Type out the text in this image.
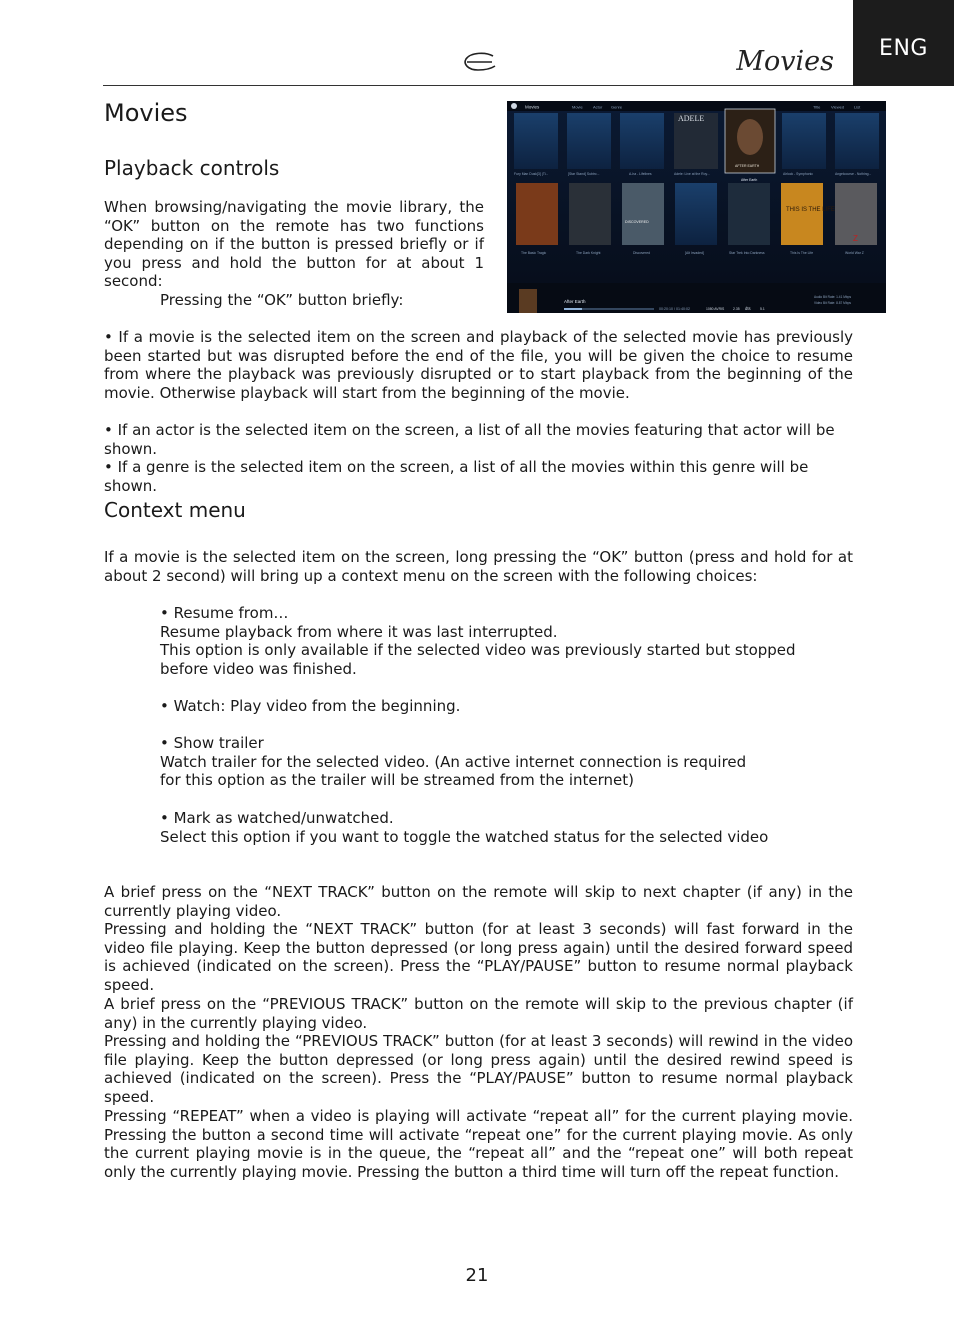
Movies	ENG
Movies
Playback controls

When browsing/navigating the movie library, the “OK” button on the remote has two functions depending on if the button is pressed briefly or if you press and hold the button for at about 1 second:

Pressing the “OK” button briefly:

Movies	Movie	Actor Genre	Title	Viewed List
ADELE
AFTER EARTH
Fury Man Dusk[3] (Ti...	[Star Stand] Subtrc...	A-ha - Lifelines	Adele: Live at the Roy...
After Earth
Airlock - Symphonic	Angelcourse - Nothing...
DISCOVERED
THIS IS THE LIFE
Z
The Basic Tragic	The Dark Knight	Discovered	[Alt Invaded]	Star Trek Into Darkness	This Is The Life	World War Z
After Earth
00:20:10 / 01:40:02	1080 AVRIS	2.35 dts	5.1
Audio Bit Rate: 1.41 Mbps
Video Bit Rate: 8.87 Mbps

• If a movie is the selected item on the screen and playback of the selected movie has previously been started but was disrupted before the end of the file, you will be given the choice to resume from where the playback was previously disrupted or to start playback from the beginning of the movie. Otherwise playback will start from the beginning of the movie.

• If an actor is the selected item on the screen, a list of all the movies featuring that actor will be shown.

• If a genre is the selected item on the screen, a list of all the movies within this genre will be shown.

Context menu

If a movie is the selected item on the screen, long pressing the “OK” button (press and hold for at about 2 second) will bring up a context menu on the screen with the following choices:

• Resume from…

Resume playback from where it was last interrupted.

This option is only available if the selected video was previously started but stopped before video was finished.

• Watch: Play video from the beginning.

• Show trailer

Watch trailer for the selected video. (An active internet connection is required for this option as the trailer will be streamed from the internet)

• Mark as watched/unwatched.

Select this option if you want to toggle the watched status for the selected video

A brief press on the “NEXT TRACK” button on the remote will skip to next chapter (if any) in the currently playing video.

Pressing and holding the “NEXT TRACK” button (for at least 3 seconds) will fast forward in the video file playing. Keep the button depressed (or long press again) until the desired forward speed is achieved (indicated on the screen). Press the “PLAY/PAUSE” button to resume normal playback speed.

A brief press on the “PREVIOUS TRACK” button on the remote will skip to the previous chapter (if any) in the currently playing video.

Pressing and holding the “PREVIOUS TRACK” button (for at least 3 seconds) will rewind in the video file playing. Keep the button depressed (or long press again) until the desired rewind speed is achieved (indicated on the screen). Press the “PLAY/PAUSE” button to resume normal playback speed.

Pressing “REPEAT” when a video is playing will activate “repeat all” for the current playing movie. Pressing the button a second time will activate “repeat one” for the current playing movie. As only the current playing movie is in the queue, the “repeat all” and the “repeat one” will both repeat only the currently playing movie. Pressing the button a third time will turn off the repeat function.

21
